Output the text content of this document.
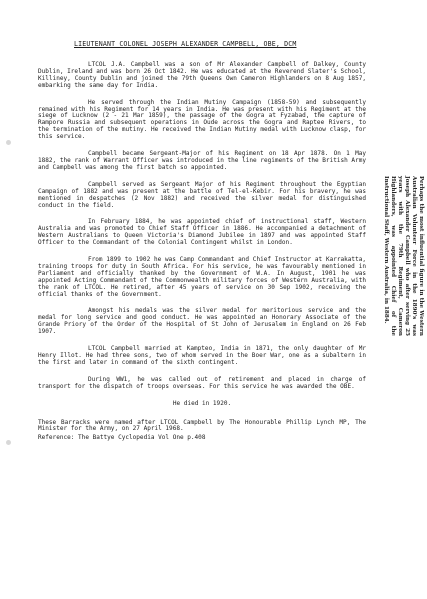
LIEUTENANT COLONEL JOSEPH ALEXANDER CAMPBELL, OBE, DCM

LTCOL J.A. Campbell was a son of Mr Alexander Campbell of Dalkey, County Dublin, Ireland and was born 26 Oct 1842. He was educated at the Reverend Slater's School, Killiney, County Dublin and joined the 79th Queens Own Cameron Highlanders on 8 Aug 1857, embarking the same day for India.

He served through the Indian Mutiny Campaign (1858-59) and subsequently remained with his Regiment for 14 years in India. He was present with his Regiment at the siege of Lucknow (2 - 21 Mar 1859), the passage of the Gogra at Fyzabad, the capture of Rampore Russia and subsequent operations in Oude across the Gogra and Raptee Rivers, to the termination of the mutiny. He received the Indian Mutiny medal with Lucknow clasp, for this service.

Campbell became Sergeant-Major of his Regiment on 18 Apr 1878. On 1 May 1882, the rank of Warrant Officer was introduced in the line regiments of the British Army and Campbell was among the first batch so appointed.

Campbell served as Sergeant Major of his Regiment throughout the Egyptian Campaign of 1882 and was present at the battle of Tel-el-Kebir. For his bravery, he was mentioned in despatches (2 Nov 1882) and received the silver medal for distinguished conduct in the field.

In February 1884, he was appointed chief of instructional staff, Western Australia and was promoted to Chief Staff Officer in 1886. He accompanied a detachment of Western Australians to Queen Victoria's Diamond Jubilee in 1897 and was appointed Staff Officer to the Commandant of the Colonial Contingent whilst in London.

From 1899 to 1902 he was Camp Commandant and Chief Instructor at Karrakatta, training troops for duty in South Africa. For his service, he was favourably mentioned in Parliament and officially thanked by the Government of W.A. In August, 1901 he was appointed Acting Commandant of the Commonwealth military forces of Western Australia, with the rank of LTCOL. He retired, after 45 years of service on 30 Sep 1902, receiving the official thanks of the Government.

Amongst his medals was the silver medal for meritorious service and the medal for long service and good conduct. He was appointed an Honorary Associate of the Grande Priory of the Order of the Hospital of St John of Jerusalem in England on 26 Feb 1907.

LTCOL Campbell married at Kampteo, India in 1871, the only daughter of Mr Henry Illot. He had three sons, two of whom served in the Boer War, one as a subaltern in the first and later in command of the sixth contingent.

During WW1, he was called out of retirement and placed in charge of transport for the dispatch of troops overseas. For this service he was awarded the OBE.

He died in 1920.

These Barracks were named after LTCOL Campbell by The Honourable Phillip Lynch MP, The Minister for the Army, on 27 April 1968.

Reference: The Battye Cyclopedia Vol One p.408

Perhaps the most influential figure in the Western Australian Volunteer Force in the 1890's was Joseph Alexander Campbell who after serving 25 years with the 79th Regiment, Cameron Highlanders, was appointed Chief of the Instructional Staff, Western Australia, in 1884.
